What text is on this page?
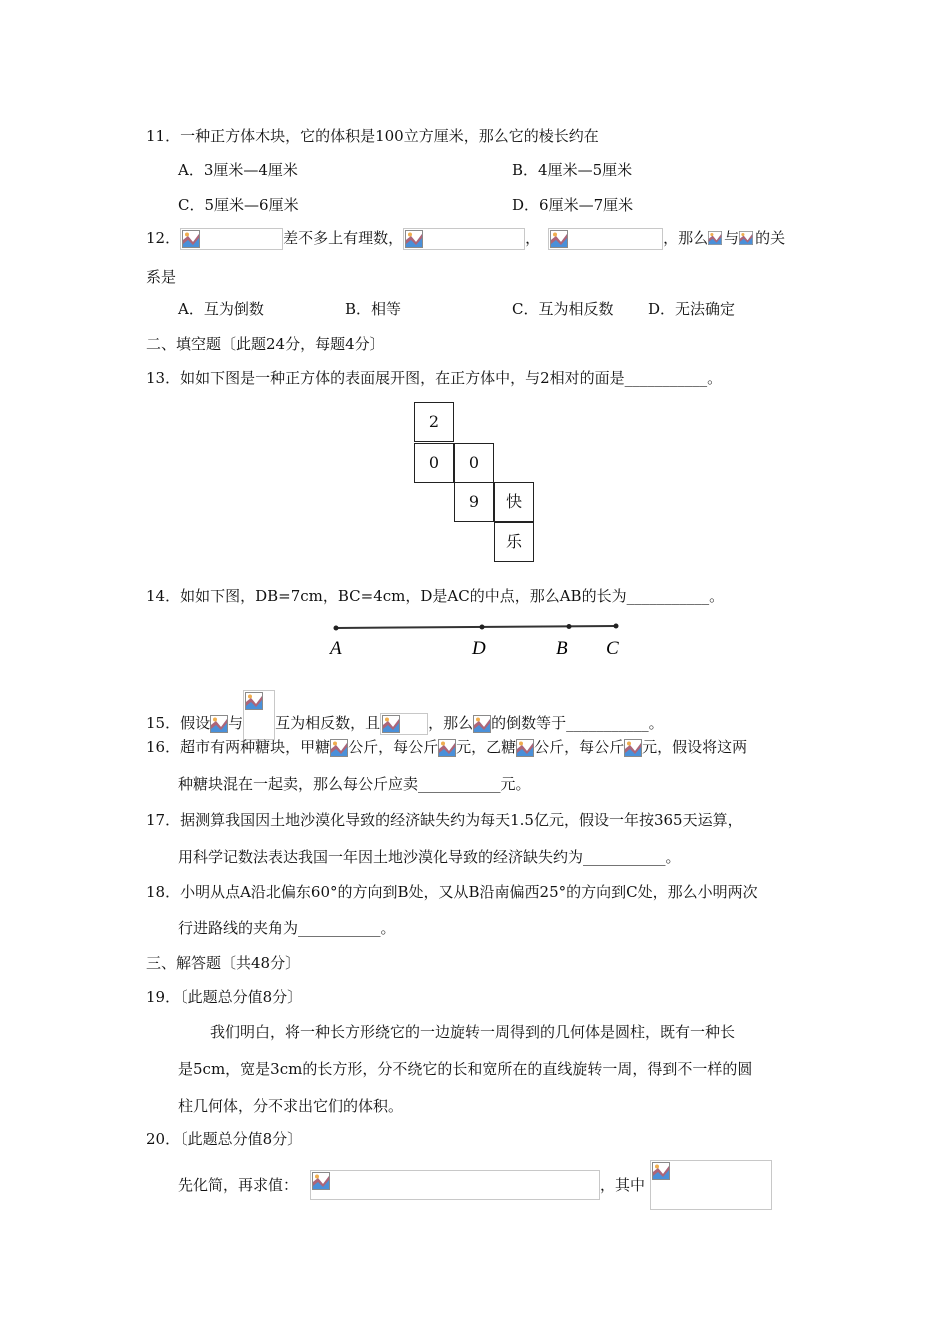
11．一种正方体木块，它的体积是100立方厘米，那么它的棱长约在
A．3厘米—4厘米	B．4厘米—5厘米
C．5厘米—6厘米	D．6厘米—7厘米
12．	差不多上有理数，	，	，那么 与 的关
系是
A．互为倒数	B．相等	C．互为相反数 D．无法确定
二、填空题〔此题24分，每题4分〕
13．如如下图是一种正方体的表面展开图，在正方体中，与2相对的面是___________。
2
0	0
9	快
乐
14．如如下图，DB=7cm，BC=4cm，D是AC的中点，那么AB的长为___________。
A	D	B C
15．假设 与 互为相反数，且	，那么 的倒数等于___________。
16．超市有两种糖块，甲糖 公斤，每公斤 元，乙糖 公斤，每公斤 元，假设将这两
种糖块混在一起卖，那么每公斤应卖___________元。
17．据测算我国因土地沙漠化导致的经济缺失约为每天1.5亿元，假设一年按365天运算，
用科学记数法表达我国一年因土地沙漠化导致的经济缺失约为___________。
18．小明从点A沿北偏东60°的方向到B处，又从B沿南偏西25°的方向到C处，那么小明两次
行进路线的夹角为___________。
三、解答题〔共48分〕
19．〔此题总分值8分〕
我们明白，将一种长方形绕它的一边旋转一周得到的几何体是圆柱，既有一种长
是5cm，宽是3cm的长方形，分不绕它的长和宽所在的直线旋转一周，得到不一样的圆
柱几何体，分不求出它们的体积。
20．〔此题总分值8分〕
先化简，再求值：	，其中
